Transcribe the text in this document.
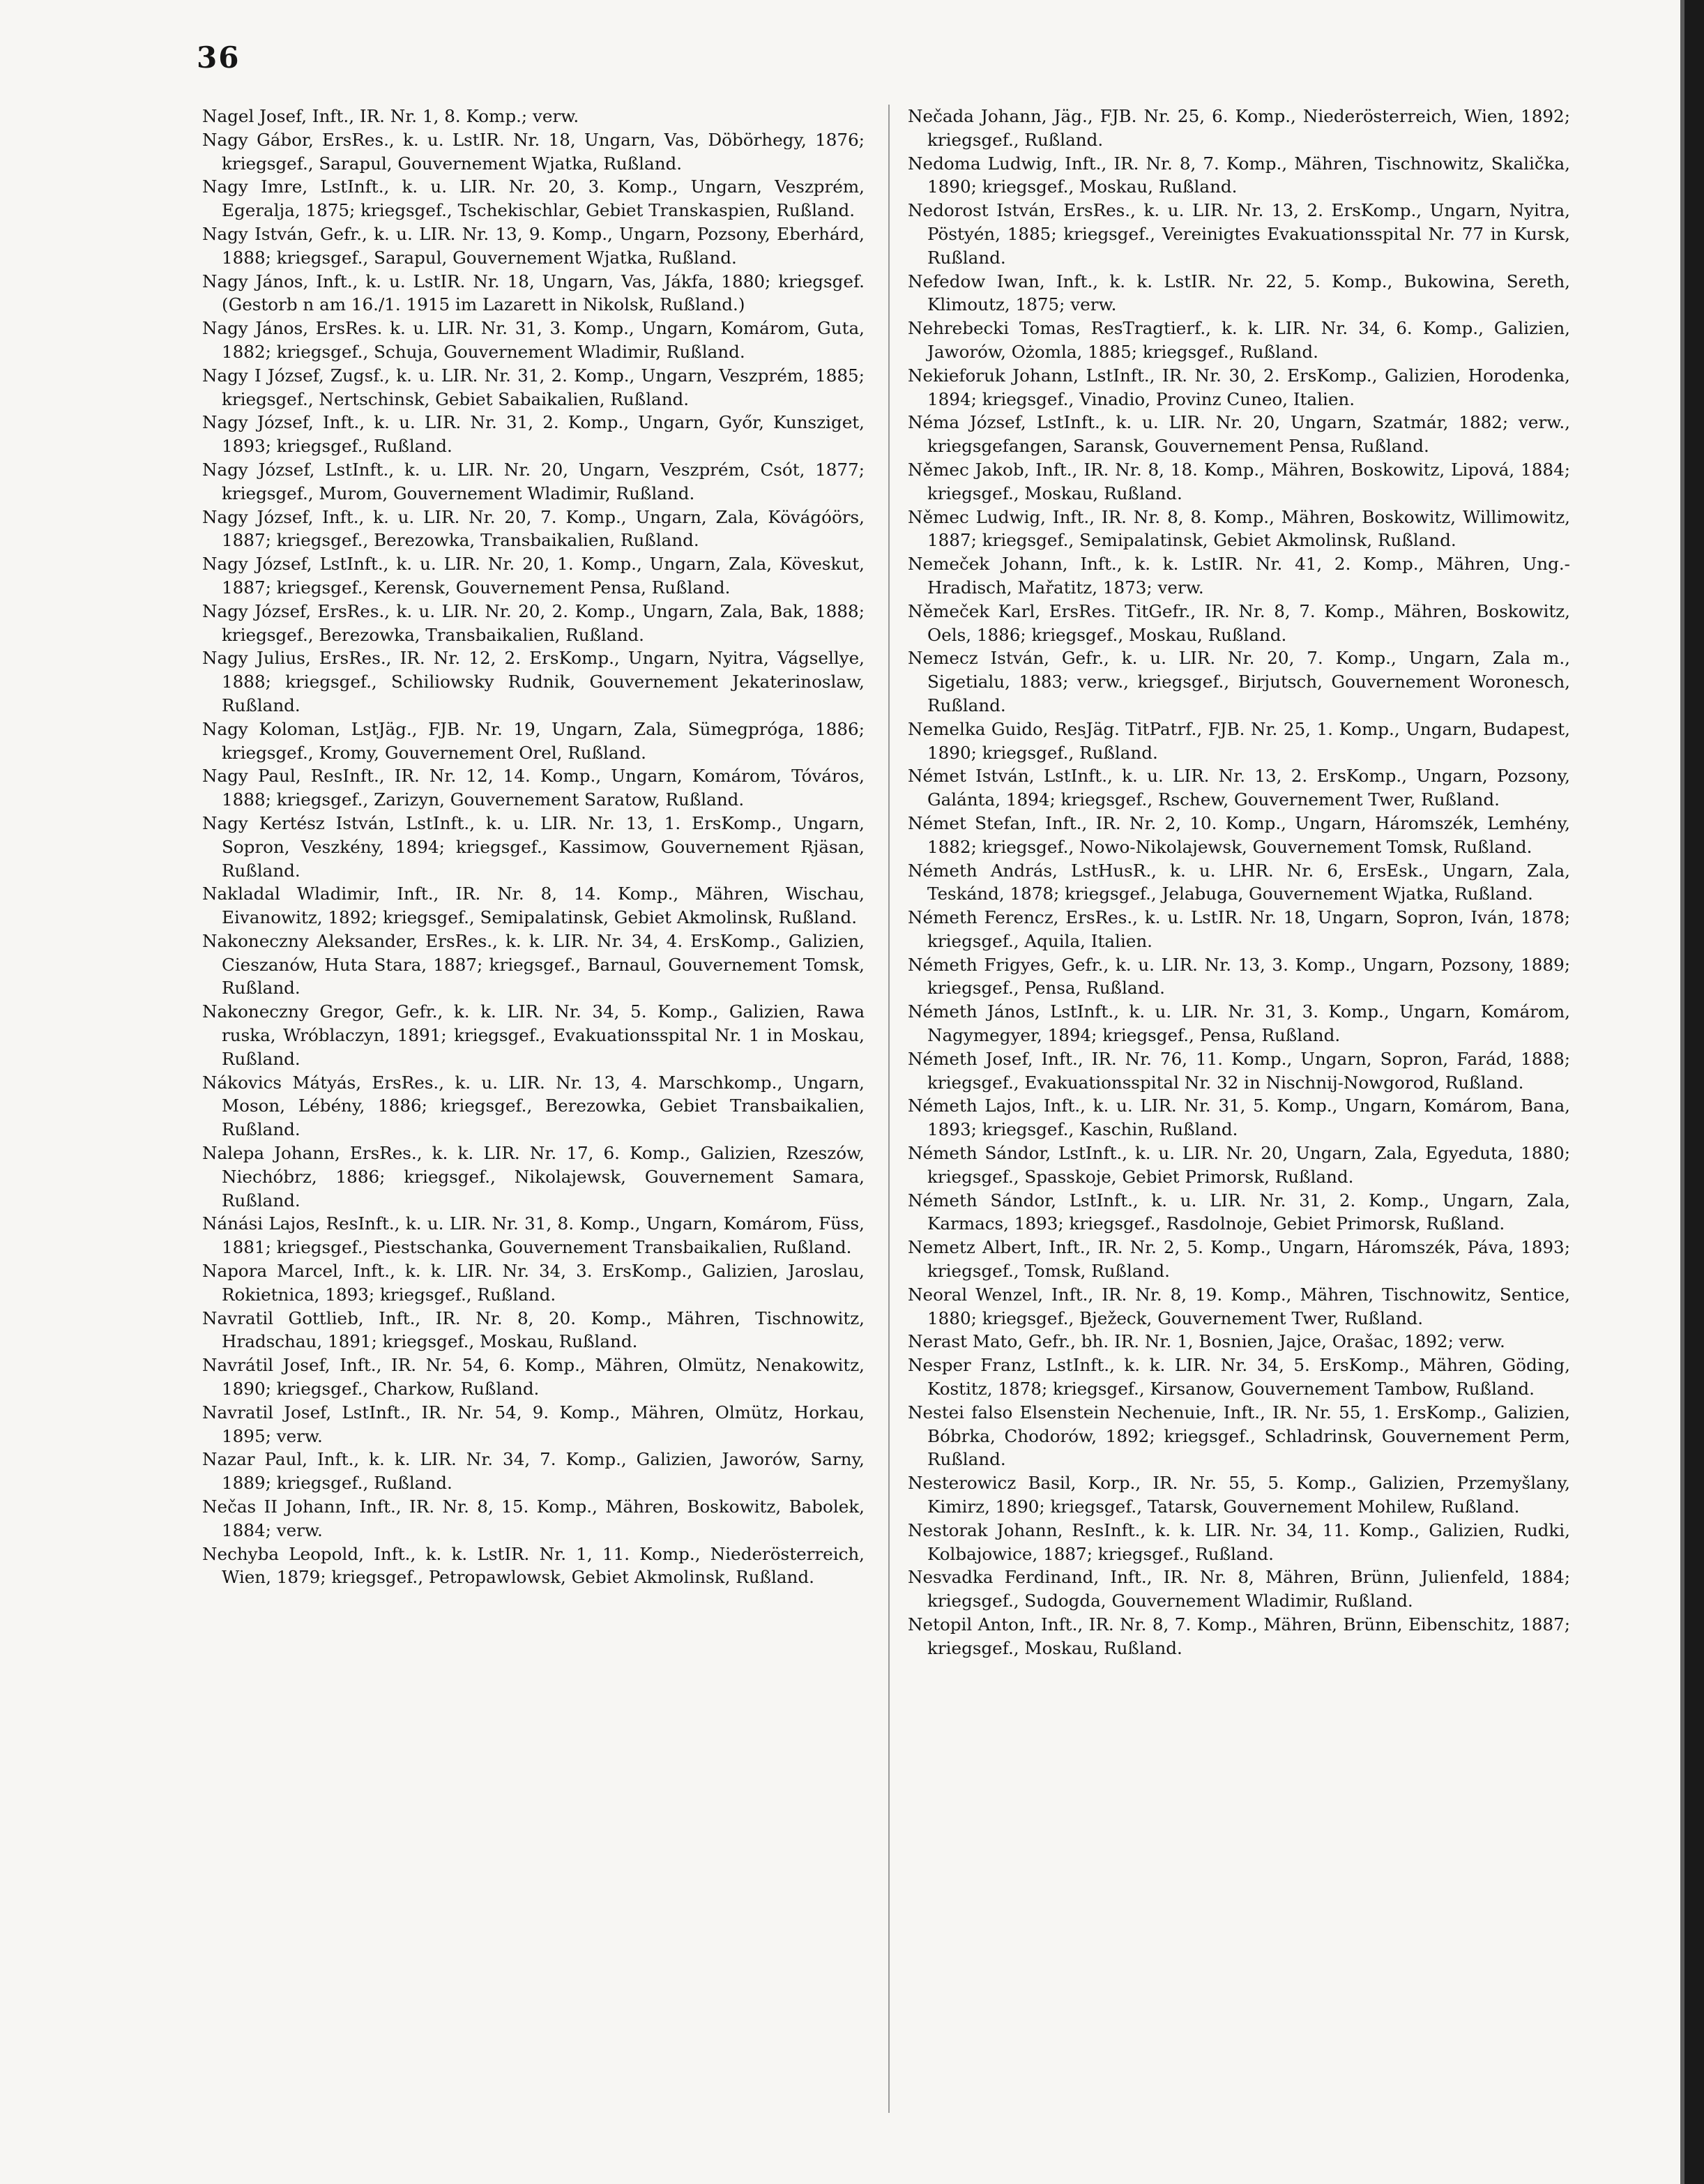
36

Nagel Josef, Inft., IR. Nr. 1, 8. Komp.; verw.

Nagy Gábor, ErsRes., k. u. LstIR. Nr. 18, Ungarn, Vas, Döbörhegy, 1876; kriegsgef., Sarapul, Gouvernement Wjatka, Rußland.

Nagy Imre, LstInft., k. u. LIR. Nr. 20, 3. Komp., Ungarn, Veszprém, Egeralja, 1875; kriegsgef., Tschekischlar, Gebiet Transkaspien, Rußland.

Nagy István, Gefr., k. u. LIR. Nr. 13, 9. Komp., Ungarn, Pozsony, Eberhárd, 1888; kriegsgef., Sarapul, Gouvernement Wjatka, Rußland.

Nagy János, Inft., k. u. LstIR. Nr. 18, Ungarn, Vas, Jákfa, 1880; kriegsgef. (Gestorb n am 16./1. 1915 im Lazarett in Nikolsk, Rußland.)

Nagy János, ErsRes. k. u. LIR. Nr. 31, 3. Komp., Ungarn, Komárom, Guta, 1882; kriegsgef., Schuja, Gouvernement Wladimir, Rußland.

Nagy I József, Zugsf., k. u. LIR. Nr. 31, 2. Komp., Ungarn, Veszprém, 1885; kriegsgef., Nertschinsk, Gebiet Sabaikalien, Rußland.

Nagy József, Inft., k. u. LIR. Nr. 31, 2. Komp., Ungarn, Győr, Kunsziget, 1893; kriegsgef., Rußland.

Nagy József, LstInft., k. u. LIR. Nr. 20, Ungarn, Veszprém, Csót, 1877; kriegsgef., Murom, Gouvernement Wladimir, Rußland.

Nagy József, Inft., k. u. LIR. Nr. 20, 7. Komp., Ungarn, Zala, Kövágóörs, 1887; kriegsgef., Berezowka, Transbaikalien, Rußland.

Nagy József, LstInft., k. u. LIR. Nr. 20, 1. Komp., Ungarn, Zala, Köveskut, 1887; kriegsgef., Kerensk, Gouvernement Pensa, Rußland.

Nagy József, ErsRes., k. u. LIR. Nr. 20, 2. Komp., Ungarn, Zala, Bak, 1888; kriegsgef., Berezowka, Transbaikalien, Rußland.

Nagy Julius, ErsRes., IR. Nr. 12, 2. ErsKomp., Ungarn, Nyitra, Vágsellye, 1888; kriegsgef., Schiliowsky Rudnik, Gouvernement Jekaterinoslaw, Rußland.

Nagy Koloman, LstJäg., FJB. Nr. 19, Ungarn, Zala, Sümegpróga, 1886; kriegsgef., Kromy, Gouvernement Orel, Rußland.

Nagy Paul, ResInft., IR. Nr. 12, 14. Komp., Ungarn, Komárom, Tóváros, 1888; kriegsgef., Zarizyn, Gouvernement Saratow, Rußland.

Nagy Kertész István, LstInft., k. u. LIR. Nr. 13, 1. ErsKomp., Ungarn, Sopron, Veszkény, 1894; kriegsgef., Kassimow, Gouvernement Rjäsan, Rußland.

Nakladal Wladimir, Inft., IR. Nr. 8, 14. Komp., Mähren, Wischau, Eivanowitz, 1892; kriegsgef., Semipalatinsk, Gebiet Akmolinsk, Rußland.

Nakoneczny Aleksander, ErsRes., k. k. LIR. Nr. 34, 4. ErsKomp., Galizien, Cieszanów, Huta Stara, 1887; kriegsgef., Barnaul, Gouvernement Tomsk, Rußland.

Nakoneczny Gregor, Gefr., k. k. LIR. Nr. 34, 5. Komp., Galizien, Rawa ruska, Wróblaczyn, 1891; kriegsgef., Evakuationsspital Nr. 1 in Moskau, Rußland.

Nákovics Mátyás, ErsRes., k. u. LIR. Nr. 13, 4. Marschkomp., Ungarn, Moson, Lébény, 1886; kriegsgef., Berezowka, Gebiet Transbaikalien, Rußland.

Nalepa Johann, ErsRes., k. k. LIR. Nr. 17, 6. Komp., Galizien, Rzeszów, Niechóbrz, 1886; kriegsgef., Nikolajewsk, Gouvernement Samara, Rußland.

Nánási Lajos, ResInft., k. u. LIR. Nr. 31, 8. Komp., Ungarn, Komárom, Füss, 1881; kriegsgef., Piestschanka, Gouvernement Transbaikalien, Rußland.

Napora Marcel, Inft., k. k. LIR. Nr. 34, 3. ErsKomp., Galizien, Jaroslau, Rokietnica, 1893; kriegsgef., Rußland.

Navratil Gottlieb, Inft., IR. Nr. 8, 20. Komp., Mähren, Tischnowitz, Hradschau, 1891; kriegsgef., Moskau, Rußland.

Navrátil Josef, Inft., IR. Nr. 54, 6. Komp., Mähren, Olmütz, Nenakowitz, 1890; kriegsgef., Charkow, Rußland.

Navratil Josef, LstInft., IR. Nr. 54, 9. Komp., Mähren, Olmütz, Horkau, 1895; verw.

Nazar Paul, Inft., k. k. LIR. Nr. 34, 7. Komp., Galizien, Jaworów, Sarny, 1889; kriegsgef., Rußland.

Nečas II Johann, Inft., IR. Nr. 8, 15. Komp., Mähren, Boskowitz, Babolek, 1884; verw.

Nechyba Leopold, Inft., k. k. LstIR. Nr. 1, 11. Komp., Niederösterreich, Wien, 1879; kriegsgef., Petropawlowsk, Gebiet Akmolinsk, Rußland.

Nečada Johann, Jäg., FJB. Nr. 25, 6. Komp., Niederösterreich, Wien, 1892; kriegsgef., Rußland.

Nedoma Ludwig, Inft., IR. Nr. 8, 7. Komp., Mähren, Tischnowitz, Skalička, 1890; kriegsgef., Moskau, Rußland.

Nedorost István, ErsRes., k. u. LIR. Nr. 13, 2. ErsKomp., Ungarn, Nyitra, Pöstyén, 1885; kriegsgef., Vereinigtes Evakuationsspital Nr. 77 in Kursk, Rußland.

Nefedow Iwan, Inft., k. k. LstIR. Nr. 22, 5. Komp., Bukowina, Sereth, Klimoutz, 1875; verw.

Nehrebecki Tomas, ResTragtierf., k. k. LIR. Nr. 34, 6. Komp., Galizien, Jaworów, Ożomla, 1885; kriegsgef., Rußland.

Nekieforuk Johann, LstInft., IR. Nr. 30, 2. ErsKomp., Galizien, Horodenka, 1894; kriegsgef., Vinadio, Provinz Cuneo, Italien.

Néma József, LstInft., k. u. LIR. Nr. 20, Ungarn, Szatmár, 1882; verw., kriegsgefangen, Saransk, Gouvernement Pensa, Rußland.

Němec Jakob, Inft., IR. Nr. 8, 18. Komp., Mähren, Boskowitz, Lipová, 1884; kriegsgef., Moskau, Rußland.

Němec Ludwig, Inft., IR. Nr. 8, 8. Komp., Mähren, Boskowitz, Willimowitz, 1887; kriegsgef., Semipalatinsk, Gebiet Akmolinsk, Rußland.

Nemeček Johann, Inft., k. k. LstIR. Nr. 41, 2. Komp., Mähren, Ung.-Hradisch, Mařatitz, 1873; verw.

Němeček Karl, ErsRes. TitGefr., IR. Nr. 8, 7. Komp., Mähren, Boskowitz, Oels, 1886; kriegsgef., Moskau, Rußland.

Nemecz István, Gefr., k. u. LIR. Nr. 20, 7. Komp., Ungarn, Zala m., Sigetialu, 1883; verw., kriegsgef., Birjutsch, Gouvernement Woronesch, Rußland.

Nemelka Guido, ResJäg. TitPatrf., FJB. Nr. 25, 1. Komp., Ungarn, Budapest, 1890; kriegsgef., Rußland.

Német István, LstInft., k. u. LIR. Nr. 13, 2. ErsKomp., Ungarn, Pozsony, Galánta, 1894; kriegsgef., Rschew, Gouvernement Twer, Rußland.

Német Stefan, Inft., IR. Nr. 2, 10. Komp., Ungarn, Háromszék, Lemhény, 1882; kriegsgef., Nowo-Nikolajewsk, Gouvernement Tomsk, Rußland.

Németh András, LstHusR., k. u. LHR. Nr. 6, ErsEsk., Ungarn, Zala, Teskánd, 1878; kriegsgef., Jelabuga, Gouvernement Wjatka, Rußland.

Németh Ferencz, ErsRes., k. u. LstIR. Nr. 18, Ungarn, Sopron, Iván, 1878; kriegsgef., Aquila, Italien.

Németh Frigyes, Gefr., k. u. LIR. Nr. 13, 3. Komp., Ungarn, Pozsony, 1889; kriegsgef., Pensa, Rußland.

Németh János, LstInft., k. u. LIR. Nr. 31, 3. Komp., Ungarn, Komárom, Nagymegyer, 1894; kriegsgef., Pensa, Rußland.

Németh Josef, Inft., IR. Nr. 76, 11. Komp., Ungarn, Sopron, Farád, 1888; kriegsgef., Evakuationsspital Nr. 32 in Nischnij-Nowgorod, Rußland.

Németh Lajos, Inft., k. u. LIR. Nr. 31, 5. Komp., Ungarn, Komárom, Bana, 1893; kriegsgef., Kaschin, Rußland.

Németh Sándor, LstInft., k. u. LIR. Nr. 20, Ungarn, Zala, Egyeduta, 1880; kriegsgef., Spasskoje, Gebiet Primorsk, Rußland.

Németh Sándor, LstInft., k. u. LIR. Nr. 31, 2. Komp., Ungarn, Zala, Karmacs, 1893; kriegsgef., Rasdolnoje, Gebiet Primorsk, Rußland.

Nemetz Albert, Inft., IR. Nr. 2, 5. Komp., Ungarn, Háromszék, Páva, 1893; kriegsgef., Tomsk, Rußland.

Neoral Wenzel, Inft., IR. Nr. 8, 19. Komp., Mähren, Tischnowitz, Sentice, 1880; kriegsgef., Bježeck, Gouvernement Twer, Rußland.

Nerast Mato, Gefr., bh. IR. Nr. 1, Bosnien, Jajce, Orašac, 1892; verw.

Nesper Franz, LstInft., k. k. LIR. Nr. 34, 5. ErsKomp., Mähren, Göding, Kostitz, 1878; kriegsgef., Kirsanow, Gouvernement Tambow, Rußland.

Nestei falso Elsenstein Nechenuie, Inft., IR. Nr. 55, 1. ErsKomp., Galizien, Bóbrka, Chodorów, 1892; kriegsgef., Schladrinsk, Gouvernement Perm, Rußland.

Nesterowicz Basil, Korp., IR. Nr. 55, 5. Komp., Galizien, Przemyšlany, Kimirz, 1890; kriegsgef., Tatarsk, Gouvernement Mohilew, Rußland.

Nestorak Johann, ResInft., k. k. LIR. Nr. 34, 11. Komp., Galizien, Rudki, Kolbajowice, 1887; kriegsgef., Rußland.

Nesvadka Ferdinand, Inft., IR. Nr. 8, Mähren, Brünn, Julienfeld, 1884; kriegsgef., Sudogda, Gouvernement Wladimir, Rußland.

Netopil Anton, Inft., IR. Nr. 8, 7. Komp., Mähren, Brünn, Eibenschitz, 1887; kriegsgef., Moskau, Rußland.
